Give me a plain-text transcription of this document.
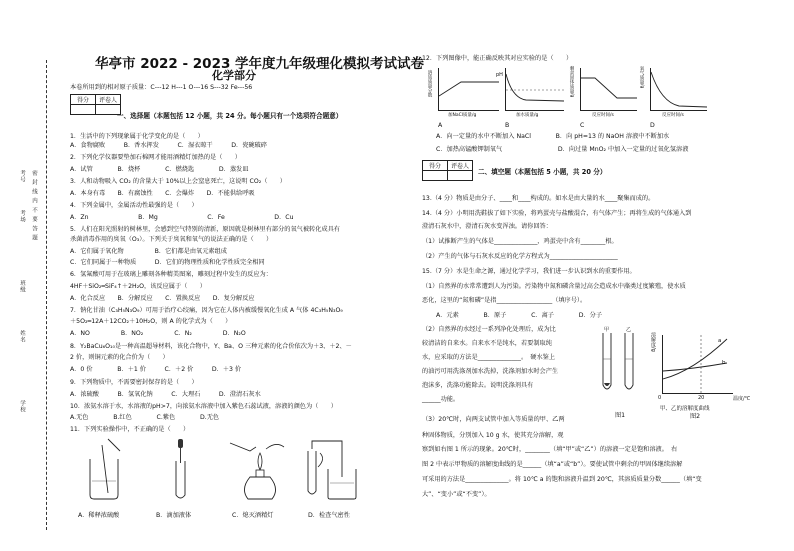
密 封 线 内 不 要 答 题
考号
考场
班级
姓名
学校
华亭市 2022 - 2023 学年度九年级理化模拟考试试卷
化学部分
本卷所用到的相对原子质量：C---12 H---1 O---16 S---32 Fe---56
得分	评卷人

一、选择题（本题包括 12 小题，共 24 分。每小题只有一个选项符合题意）
1．生活中的下列现象属于化学变化的是（　　）
A．食物腐败　　　B．香水挥发　　　C．湿衣晾干　　　D．瓷碗破碎
2．下列化学仪器要垫加石棉网才能用酒精灯加热的是（　　）
A．试管　　　　B．烧杯　　　　C．燃烧匙　　　　D．蒸发皿
3．人和动物吸入 CO₂ 的含量大于 10%以上会窒息死亡，这说明 CO₂（　　）
A．本身有毒　　B．有腐蚀性　　C．会爆炸　　D．不能供给呼吸
4．下列金属中，金属活动性最强的是（　　）
A．Zn　　　　　　　　B．Mg　　　　　　　　C．Fe　　　　　　　　D．Cu
5．人们在阳光照射的树林里，会感到空气特别的清新，原因就是树林里有部分的氧气被转化成具有
杀菌消毒作用的臭氧（O₃）。下列关于臭氧和氧气的说法正确的是（　　）
A．它们属于氧化物　　　　　B．它们都是由氧元素组成
C．它们同属于一种物质　　　D．它们的物理性质和化学性质完全相同
6．氢氟酸可用于在玻璃上雕刻各种精美图案，雕刻过程中发生的反应为：
4HF＋SiO₂═SiF₄↑＋2H₂O，该反应属于（　　）
A．化合反应　　B．分解反应　　C．置换反应　　D．复分解反应
7．钠化甘油（C₃H₅N₃O₉）可用于治疗心绞痛，因为它在人体内被缓慢氧化生成 A 气体 4C₃H₅N₃O₉
＋5O₂═12A＋12CO₂＋10H₂O，则 A 的化学式为（　　）
A．NO　　　　　B．NO₂　　　　　C．N₂　　　　　D．N₂O
8．Y₂BaCu₆O₁₀是一种高温超导材料，该化合物中，Y、Ba、O 三种元素的化合价依次为＋3、＋2、－
2 价，则铜元素的化合价为（　　）
A．0 价　　　　B．＋1 价　　　C．＋2 价　　　D．＋3 价
9．下列物质中，不需要密封保存的是（　　）
A．浓硫酸　　　B．氢氧化钠　　　C．大理石　　　D．澄清石灰水
10．浓氨水溶于水，水溶液的pH>7，向浓氨水溶液中加入紫色石蕊试液，溶液的颜色为（　　）
A.无色　　　　B.红色　　　　C.紫色　　　　D.无色
11．下列实验操作中，不正确的是（　　）
A．稀释浓硫酸	B．滴加液体	C．熄灭酒精灯	D．检查气密性
12．下列图像中，能正确反映其对应实验的是（　　）
溶质质量分数
加NaCl质量/g
A
pH
加水质量/g
B
剩余固体质量/g
反应时间/s
C
氧气质量/g
反应时间/s
D
A．向一定量的水中不断加入 NaCl　　　　B．向 pH=13 的 NaOH 溶液中不断加水
C．加热高锰酸钾制氧气　　　　　　　　　D．向过量 MnO₂ 中加入一定量的过氧化氢溶液
得分	评卷人

二、填空题（本题包括 5 小题，共 20 分）
13.（4 分）物质是由分子、____和____构成的。如水是由大量的水____聚集而成的。
14.（4 分）小明用洗鞋拔了如下实验，将鸡蛋壳与盐酸混合，有气体产生；再将生成的气体通入到
澄清石灰水中，澄清石灰水变浑浊。请你回答：
（1）试推断产生的气体是______________，鸡蛋壳中含有________根。
（2）产生的气体与石灰水反应的化学方程式为______________________
15.（7 分）水是生命之源，通过化学学习，我们进一步认识到水的重要作用。
（1）自然界的水常常遭到人为污染。污染物中氮和磷含量过高会造成水中藻类过度繁殖，使水质
恶化，这里的“氮和磷”是指__________________（填序号）。
A．元素　　　　B．原子　　　　C．离子　　　　D．分子
（2）自然界的水经过一系列净化处理后，成为比
较清洁的自来水。自来水不是纯水，若要制取纯
水，应采取的方法是______________。　硬水鉴上
的油污可用洗涤剂加水洗掉，洗涤剂加水时会产生
泡沫多，洗涤功能除去。说明洗涤剂具有
______功能。
甲	乙
图1
溶解度/g	a
b
0	20	温度/℃
甲、乙的溶解度曲线
图2
（3）20℃时，向两支试管中加入等质量的甲、乙两
种固体物质，分别加入 10 g 水，使其充分溶解，观
察到如右图 1 所示的现象。20℃时，________（填“甲”或“乙”）的溶液一定是饱和溶液。　右
图 2 中表示甲物质的溶解度曲线的是______（填“a”或“b”）。要使试管中剩余的甲固体继续溶解
可采用的方法是______________。将 10℃ a 的饱和溶液升温到 20℃，其溶质质量分数______（填“变
大”、“变小”或“不变”）。
